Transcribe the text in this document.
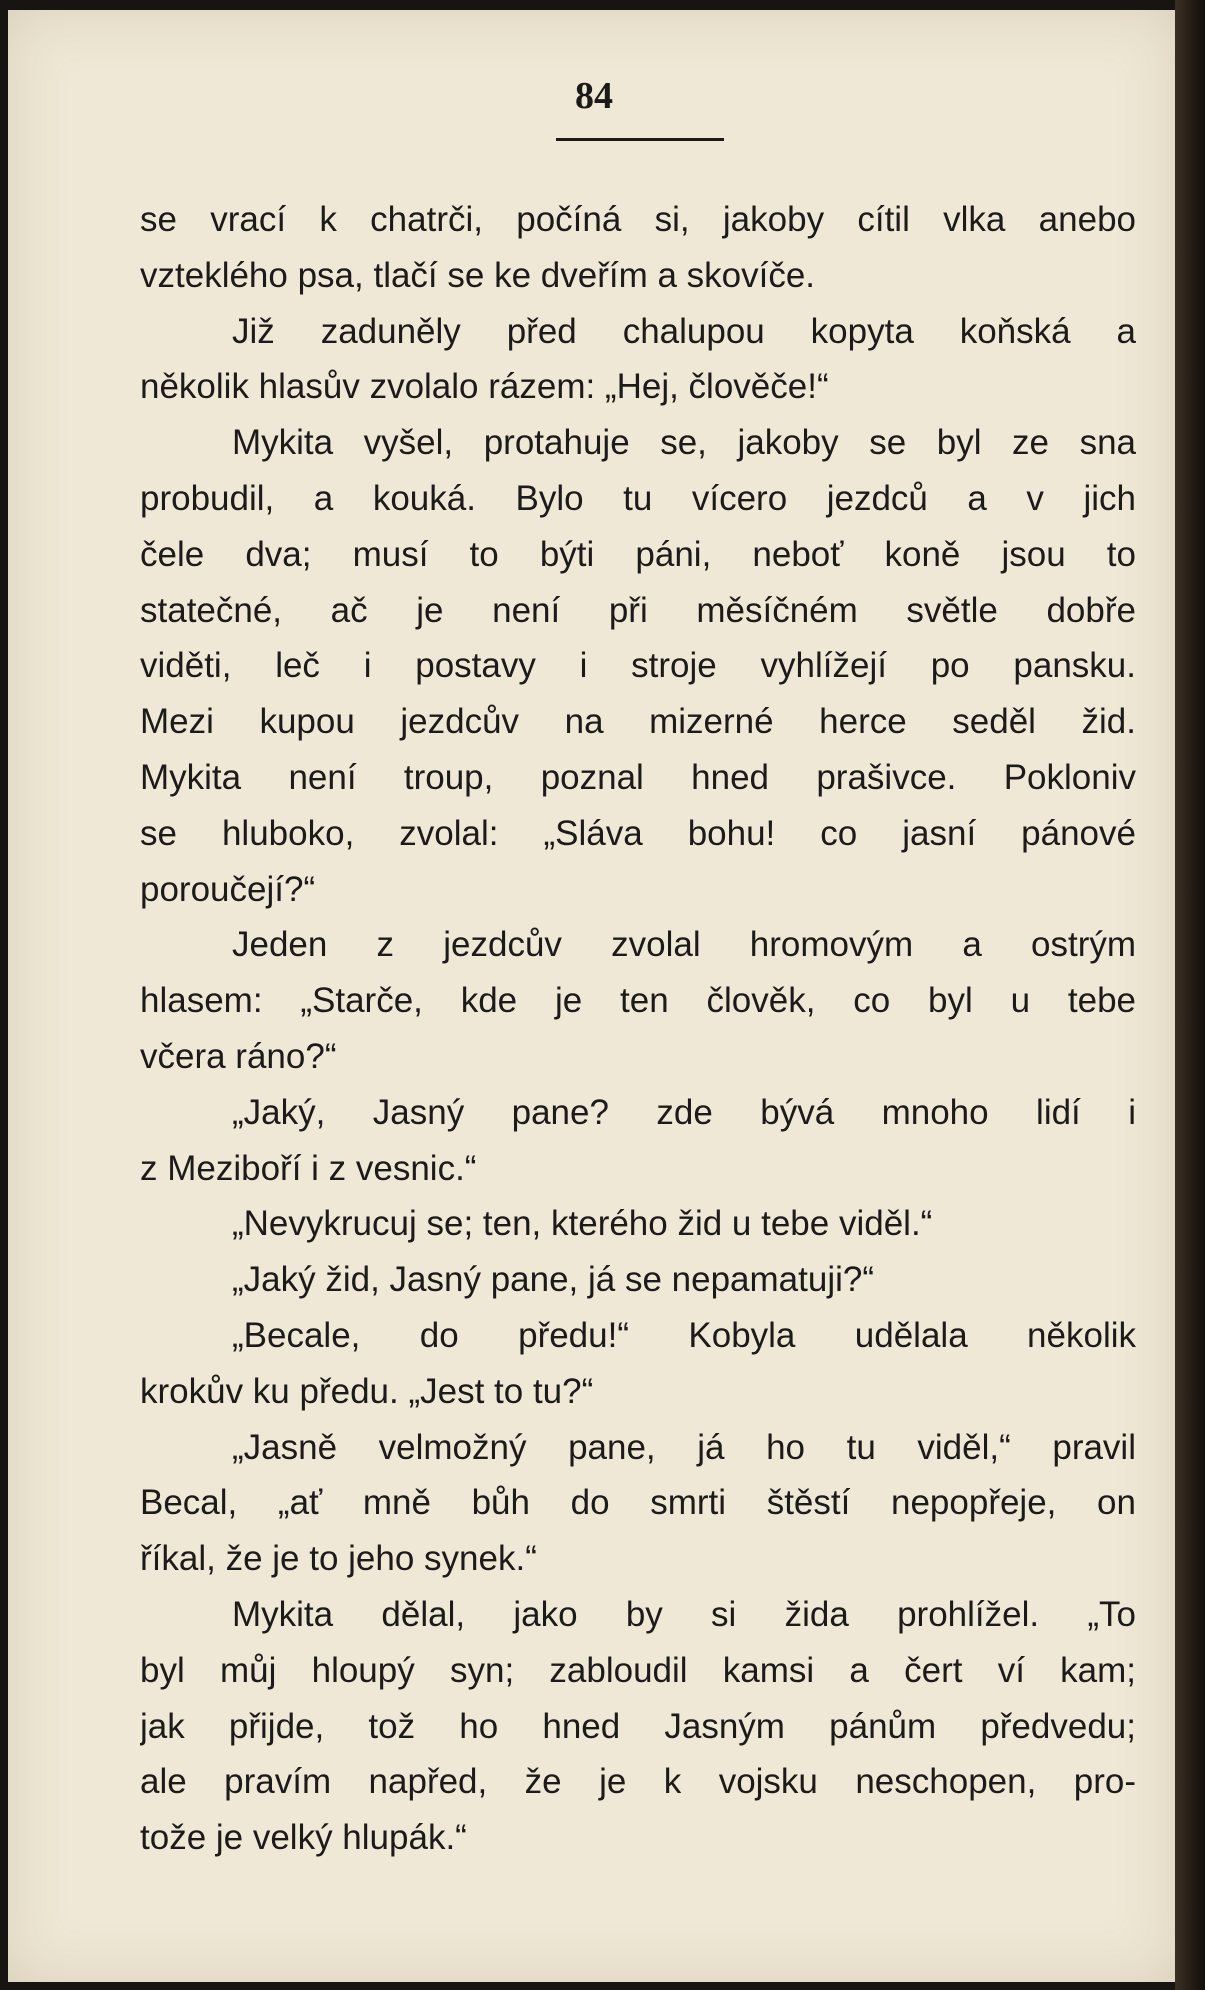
84
se vrací k chatrči, počíná si, jakoby cítil vlka anebo
vzteklého psa, tlačí se ke dveřím a skovíče.
Již zaduněly před chalupou kopyta koňská a
několik hlasův zvolalo rázem: „Hej, člověče!“
Mykita vyšel, protahuje se, jakoby se byl ze sna
probudil, a kouká. Bylo tu vícero jezdců a v jich
čele dva; musí to býti páni, neboť koně jsou to
statečné, ač je není při měsíčném světle dobře
viděti, leč i postavy i stroje vyhlížejí po pansku.
Mezi kupou jezdcův na mizerné herce seděl žid.
Mykita není troup, poznal hned prašivce. Pokloniv
se hluboko, zvolal: „Sláva bohu! co jasní pánové
poroučejí?“
Jeden z jezdcův zvolal hromovým a ostrým
hlasem: „Starče, kde je ten člověk, co byl u tebe
včera ráno?“
„Jaký, Jasný pane? zde bývá mnoho lidí i
z Meziboří i z vesnic.“
„Nevykrucuj se; ten, kterého žid u tebe viděl.“
„Jaký žid, Jasný pane, já se nepamatuji?“
„Becale, do předu!“ Kobyla udělala několik
krokův ku předu. „Jest to tu?“
„Jasně velmožný pane, já ho tu viděl,“ pravil
Becal, „ať mně bůh do smrti štěstí nepopřeje, on
říkal, že je to jeho synek.“
Mykita dělal, jako by si žida prohlížel. „To
byl můj hloupý syn; zabloudil kamsi a čert ví kam;
jak přijde, tož ho hned Jasným pánům předvedu;
ale pravím napřed, že je k vojsku neschopen, pro-
tože je velký hlupák.“
